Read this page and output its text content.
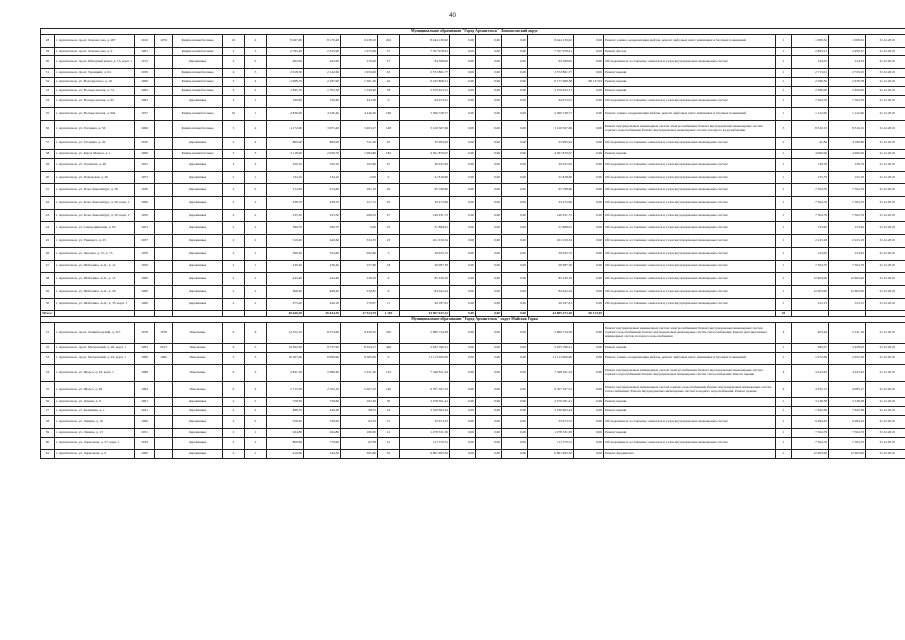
40
Муниципальное образование "Город Архангельск" Ломоносовский округ																					
28	г. Архангельск, пр-кт. Ломоносова, д. 287	1916	1976	Кирпи-шлакоблочные	10	4	8 267,00	8 170,40	6 238,10	204	8 444 130,92	0,00	0,00	0,00	8 444 130,92	0,00	Ремонт, замена, модернизация лифтов, ремонт лифтовых шахт, машинных и блочных помещений	1	1 008,32	1 008,32	31.12.2019
29	г. Архангельск, пр-кт. Ломоносова, д. 9	1961		Кирпи-шлакоблочные	2	3	2 793,40	2 543,90	1 975,99	57	7 357 978,61	0,00	0,00	0,00	7 357 978,61	0,00	Ремонт фасада	1	2 893,21	2 950,37	31.12.2019
30	г. Архангельск, пр-кт. Обводный канал, д. 15, корп. 1	1915		Деревянные	2	2	462,00	442,00	176,00	27	94 568,92	0,00	0,00	0,00	94 568,92	0,00	Обследование и составление элементов и узлов внутридомовых инженерных систем	1	124,33	124,33	31.12.2019
31	г. Архангельск, пр-кт. Троицкий, д. 64	1939		Кирпи-шлакоблочные	4	3	2 618,50	2 142,60	1 934,00	43	2 372 861,77	0,00	0,00	0,00	2 372 861,77	0,00	Ремонт крыши	1	2 713,01	2 725,03	31.12.2019
32	г. Архангельск, ул. Володарского, д. 19	1960		Кирпи-шлакоблочные	5	4	2 698,70	2 187,90	1 561,30	42	9 245 808,51	0,00	0,00	0,00	9 177 668,38	68 137,93	Ремонт крыши	1	2 598,30	2 678,78	31.12.2019
33	г. Архангельск, ул. Воскресенская, д. 74	1962		Кирпи-шлакоблочные	3	2	1 845,70	1 702,30	1 559,40	78	2 479 623,51	0,00	0,00	0,00	2 479 623,51	0,00	Ремонт крыши	1	2 396,00	2 656,00	31.12.2019
34	г. Архангельск, ул. Воскресенская, д. 95	1963		Деревянные	2	1	169,00	156,40	44,100	0	94 073,91	0,00	0,00	0,00	94 073,91	0,00	Обследование и составление элементов и узлов внутридомовых инженерных систем	1	7 504,79	7 504,79	31.12.2019
35	г. Архангельск, ул. Воскресенская, д. 99к	1937		Кирпи-шлакоблочные	10	1	4 836,00	4 526,40	4 446,30	166	5 366 728,77	0,00	0,00	0,00	5 366 728,77	0,00	Ремонт, замена, модернизация лифтов, ремонт лифтовых шахт, машинных и блочных помещений	1	1 122,00	1 122,00	31.12.2019
36	г. Архангельск, ул. Гагарина, д. 56	1966		Кирпи-шлакоблочные	5	4	4 172,00	3 675,40	3 493,27	148	3 126 567,69	0,00	0,00	0,00	3 126 567,69	0,00	Ремонт внутридомовых инженерных систем электроснабжения; Ремонт внутридомовых инженерных систем горячего водоснабжения; Ремонт внутридомовых инженерных систем холодного водоснабжения	3	8 310,15	8 310,15	31.12.2019
37	г. Архангельск, ул. Гагарина, д. 20	1930		Деревянные	2	4	860,00	860,00	511,00	45	35 995,92	0,00	0,00	0,00	35 995,92	0,00	Обследование и составление элементов и узлов внутридомовых инженерных систем	1	41,84	4 180,86	31.12.2019
38	г. Архангельск, ул. Карла Маркса, д. 1	1960		Кирпи-шлакоблочные	5	3	3 118,00	2 059,70	1 994,80	182	4 561 879,07	0,00	0,00	0,00	4 561 879,07	0,00	Ремонт крыши	1	4 000,00	4 000,00	31.12.2019
39	г. Архангельск, ул. Логинова, д. 48	1925		Деревянные	2	2	356,10	356,10	162,60	27	20 631,93	0,00	0,00	0,00	20 631,93	0,00	Обследование и составление элементов и узлов внутридомовых инженерных систем	1	136,79	136,79	31.12.2019
40	г. Архангельск, ул. Поморская, д. 40	1953		Деревянные	2	1	134,10	134,10	0,00	0	21 818,60	0,00	0,00	0,00	21 818,60	0,00	Обследование и составление элементов и узлов внутридомовых инженерных систем	1	155,79	155,79	31.12.2019
41	г. Архангельск, ул. Розы Люксембург, д. 58	1930		Деревянные	2	2	314,30	274,60	181,10	20	95 798,60	0,00	0,00	0,00	95 798,60	0,00	Обследование и составление элементов и узлов внутридомовых инженерных систем	1	7 504,79	7 504,79	31.12.2019
42	г. Архангельск, ул. Розы Люксембург, д. 59, корп. 1	1966		Деревянные	2	2	438,70	438,70	151,72	25	33 472,96	0,00	0,00	0,00	33 472,96	0,00	Обследование и составление элементов и узлов внутридомовых инженерных систем	1	7 504,79	7 504,79	31.12.2019
43	г. Архангельск, ул. Розы Люксембург, д. 59, корп. 2	1950		Деревянные	2	2	235,50	235,50	208,10	27	140 931,75	0,00	0,00	0,00	140 931,75	0,00	Обследование и составление элементов и узлов внутридомовых инженерных систем	1	7 504,79	7 504,79	31.12.2019
44	г. Архангельск, ул. Северодвинская, д. 83	1953		Деревянные	2	2	399,70	399,70	0,00	16	51 868,61	0,00	0,00	0,00	51 868,61	0,00	Обследование и составление элементов и узлов внутридомовых инженерных систем	1	153,62	153,62	31.12.2019
45	г. Архангельск, ул. Урицкого, д. 25	1937		Деревянные	2	2	510,00	440,60	334,70	23	101 010,34	0,00	0,00	0,00	101 010,34	0,00	Обследование и составление элементов и узлов внутридомовых инженерных систем	1	2 223,18	2 223,18	31.12.2019
46	г. Архангельск, ул. Чкалова, д. 15, д. 15	1959		Деревянные	2	1	366,20	354,60	292,60	5	39 935,72	0,00	0,00	0,00	39 935,72	0,00	Обследование и составление элементов и узлов внутридомовых инженерных систем	1	123,93	123,93	31.12.2019
47	г. Архангельск, ул. Шабалина, А.О., д. 12	1959		Деревянные	2	1	436,40	436,40	257,60	18	26 087,30	0,00	0,00	0,00	26 087,30	0,00	Обследование и составление элементов и узлов внутридомовых инженерных систем	1	7 504,79	7 504,79	31.12.2019
48	г. Архангельск, ул. Шабалина, А.О., д. 15	1960		Деревянные	2	2	444,40	444,40	128,10	6	85 226,19	0,00	0,00	0,00	85 226,19	0,00	Обследование и составление элементов и узлов внутридомовых инженерных систем	1	12 603,00	12 603,00	31.12.2019
49	г. Архангельск, ул. Шабалина, А.О., д. 26	1960		Деревянные	2	2	468,40	468,40	316,87	9	84 942,24	0,00	0,00	0,00	84 942,24	0,00	Обследование и составление элементов и узлов внутридомовых инженерных систем	1	12 603,00	12 603,00	31.12.2019
50	г. Архангельск, ул. Шабалина, А.О., д. 35, корп. 1	1960		Деревянные	2	2	475,00	440,10	170,97	11	29 187,61	0,00	0,00	0,00	29 187,61	0,00	Обследование и составление элементов и узлов внутридомовых инженерных систем	1	123,13	123,13	31.12.2019
Итого:							40 646,30	36 644,30	27 524,79	1 182	44 967 637,31	0,00	0,00	0,00	44 885 472,28	68 313,95		20			
Муниципальное образование "Город Архангельск" округ Майская Горка																					
51	г. Архангельск, пр-кт. Ленинградский, д. 327	1978	1978	Панельные	9	6	12 352,10	8 574,60	9 430,55	520	5 680 734,58	0,00	0,00	0,00	5 680 734,58	0,00	Ремонт внутридомовых инженерных систем электроснабжения; Ремонт внутридомовых инженерных систем горячего водоснабжения; Ремонт внутридомовых инженерных систем теплоснабжения; Ремонт внутридомовых инженерных систем холодного водоснабжения	4	403,44	2 141,19	31.12.2019
52	г. Архангельск, пр-кт. Московский, д. 40, корп. 1	1993	2013	Панельные	9	5	10 392,30	9 737,90	8 324,17	448	2 935 796,21	0,00	0,00	0,00	2 935 796,21	0,00	Ремонт крыши	1	282,57	3 428,93	31.12.2019
53	г. Архангельск, пр-кт. Московский, д. 43, корп. 1	1990	1990	Панельные	5	3	10 367,00	8 990,00	6 585,00	0	11 113 900,00	0,00	0,00	0,00	11 113 900,00	0,00	Ремонт, замена, модернизация лифтов, ремонт лифтовых шахт, машинных и блочных помещений	1	1 072,09	2 052,50	31.12.2019
54	г. Архангельск, ул. Щорса, д. 29, корп. 1	1988		Панельные	9	3	2 841,30	2 686,40	2 221,20	152	7 348 811,34	0,00	0,00	0,00	7 348 811,34	0,00	Ремонт внутридомовых инженерных систем электроснабжения; Ремонт внутридомовых инженерных систем горячего водоснабжения; Ремонт внутридомовых инженерных систем теплоснабжения; Ремонт крыши	4	4 243,43	4 243,43	31.12.2019
55	г. Архангельск, ул. Щорса, д. 48	1984		Панельные	9	4	2 713,30	2 702,10	2 207,22	146	6 767 167,23	0,00	0,00	0,00	6 767 167,23	0,00	Ремонт внутридомовых инженерных систем горячего водоснабжения; Ремонт внутридомовых инженерных систем теплоснабжения; Ремонт внутридомовых инженерных систем холодного водоснабжения; Ремонт крыши	4	4 355,13	4 985,17	31.12.2019
56	г. Архангельск, ул. Дачная, д. 9	1961		Деревянные	2	2	758,50	728,60	162,30	30	2 279 561,41	0,00	0,00	0,00	2 279 561,41	0,00	Ремонт крыши	1	3 128,38	3 128,38	31.12.2019
57	г. Архангельск, ул. Калинина, д. 1	1941		Деревянные	2	2	488,70	446,20	98,53	24	3 230 663,44	0,00	0,00	0,00	3 230 663,44	0,00	Ремонт крыши	1	7 620,38	7 620,38	31.12.2019
58	г. Архангельск, ул. Ленина, д. 10	1966		Деревянные	2	2	558,20	538,20	64,70	21	33 673,53	0,00	0,00	0,00	33 673,53	0,00	Обследование и составление элементов и узлов внутридомовых инженерных систем	1	9 284,43	9 284,43	31.12.2019
59	г. Архангельск, ул. Ленина, д. 13	1951		Деревянные	2	1	264,80	264,80	186,30	12	1 278 331,56	0,00	0,00	0,00	1 278 331,56	0,00	Ремонт крыши	1	7 504,79	7 504,79	31.12.2019
60	г. Архангельск, ул. Ларионова, д. 27, корп. 1	1934		Деревянные	2	2	806,60	770,90	62,38	41	111 570,51	0,00	0,00	0,00	111 570,51	0,00	Обследование и составление элементов и узлов внутридомовых инженерных систем	1	7 504,79	7 504,79	31.12.2019
61	г. Архангельск, ул. Ларионова, д. 9	1960		Деревянные	2	1	610,00	544,50	395,60	35	6 861 693,50	0,00	0,00	0,00	6 861 693,50	0,00	Ремонт фундамента	1	12 603,00	12 603,00	31.12.2019
